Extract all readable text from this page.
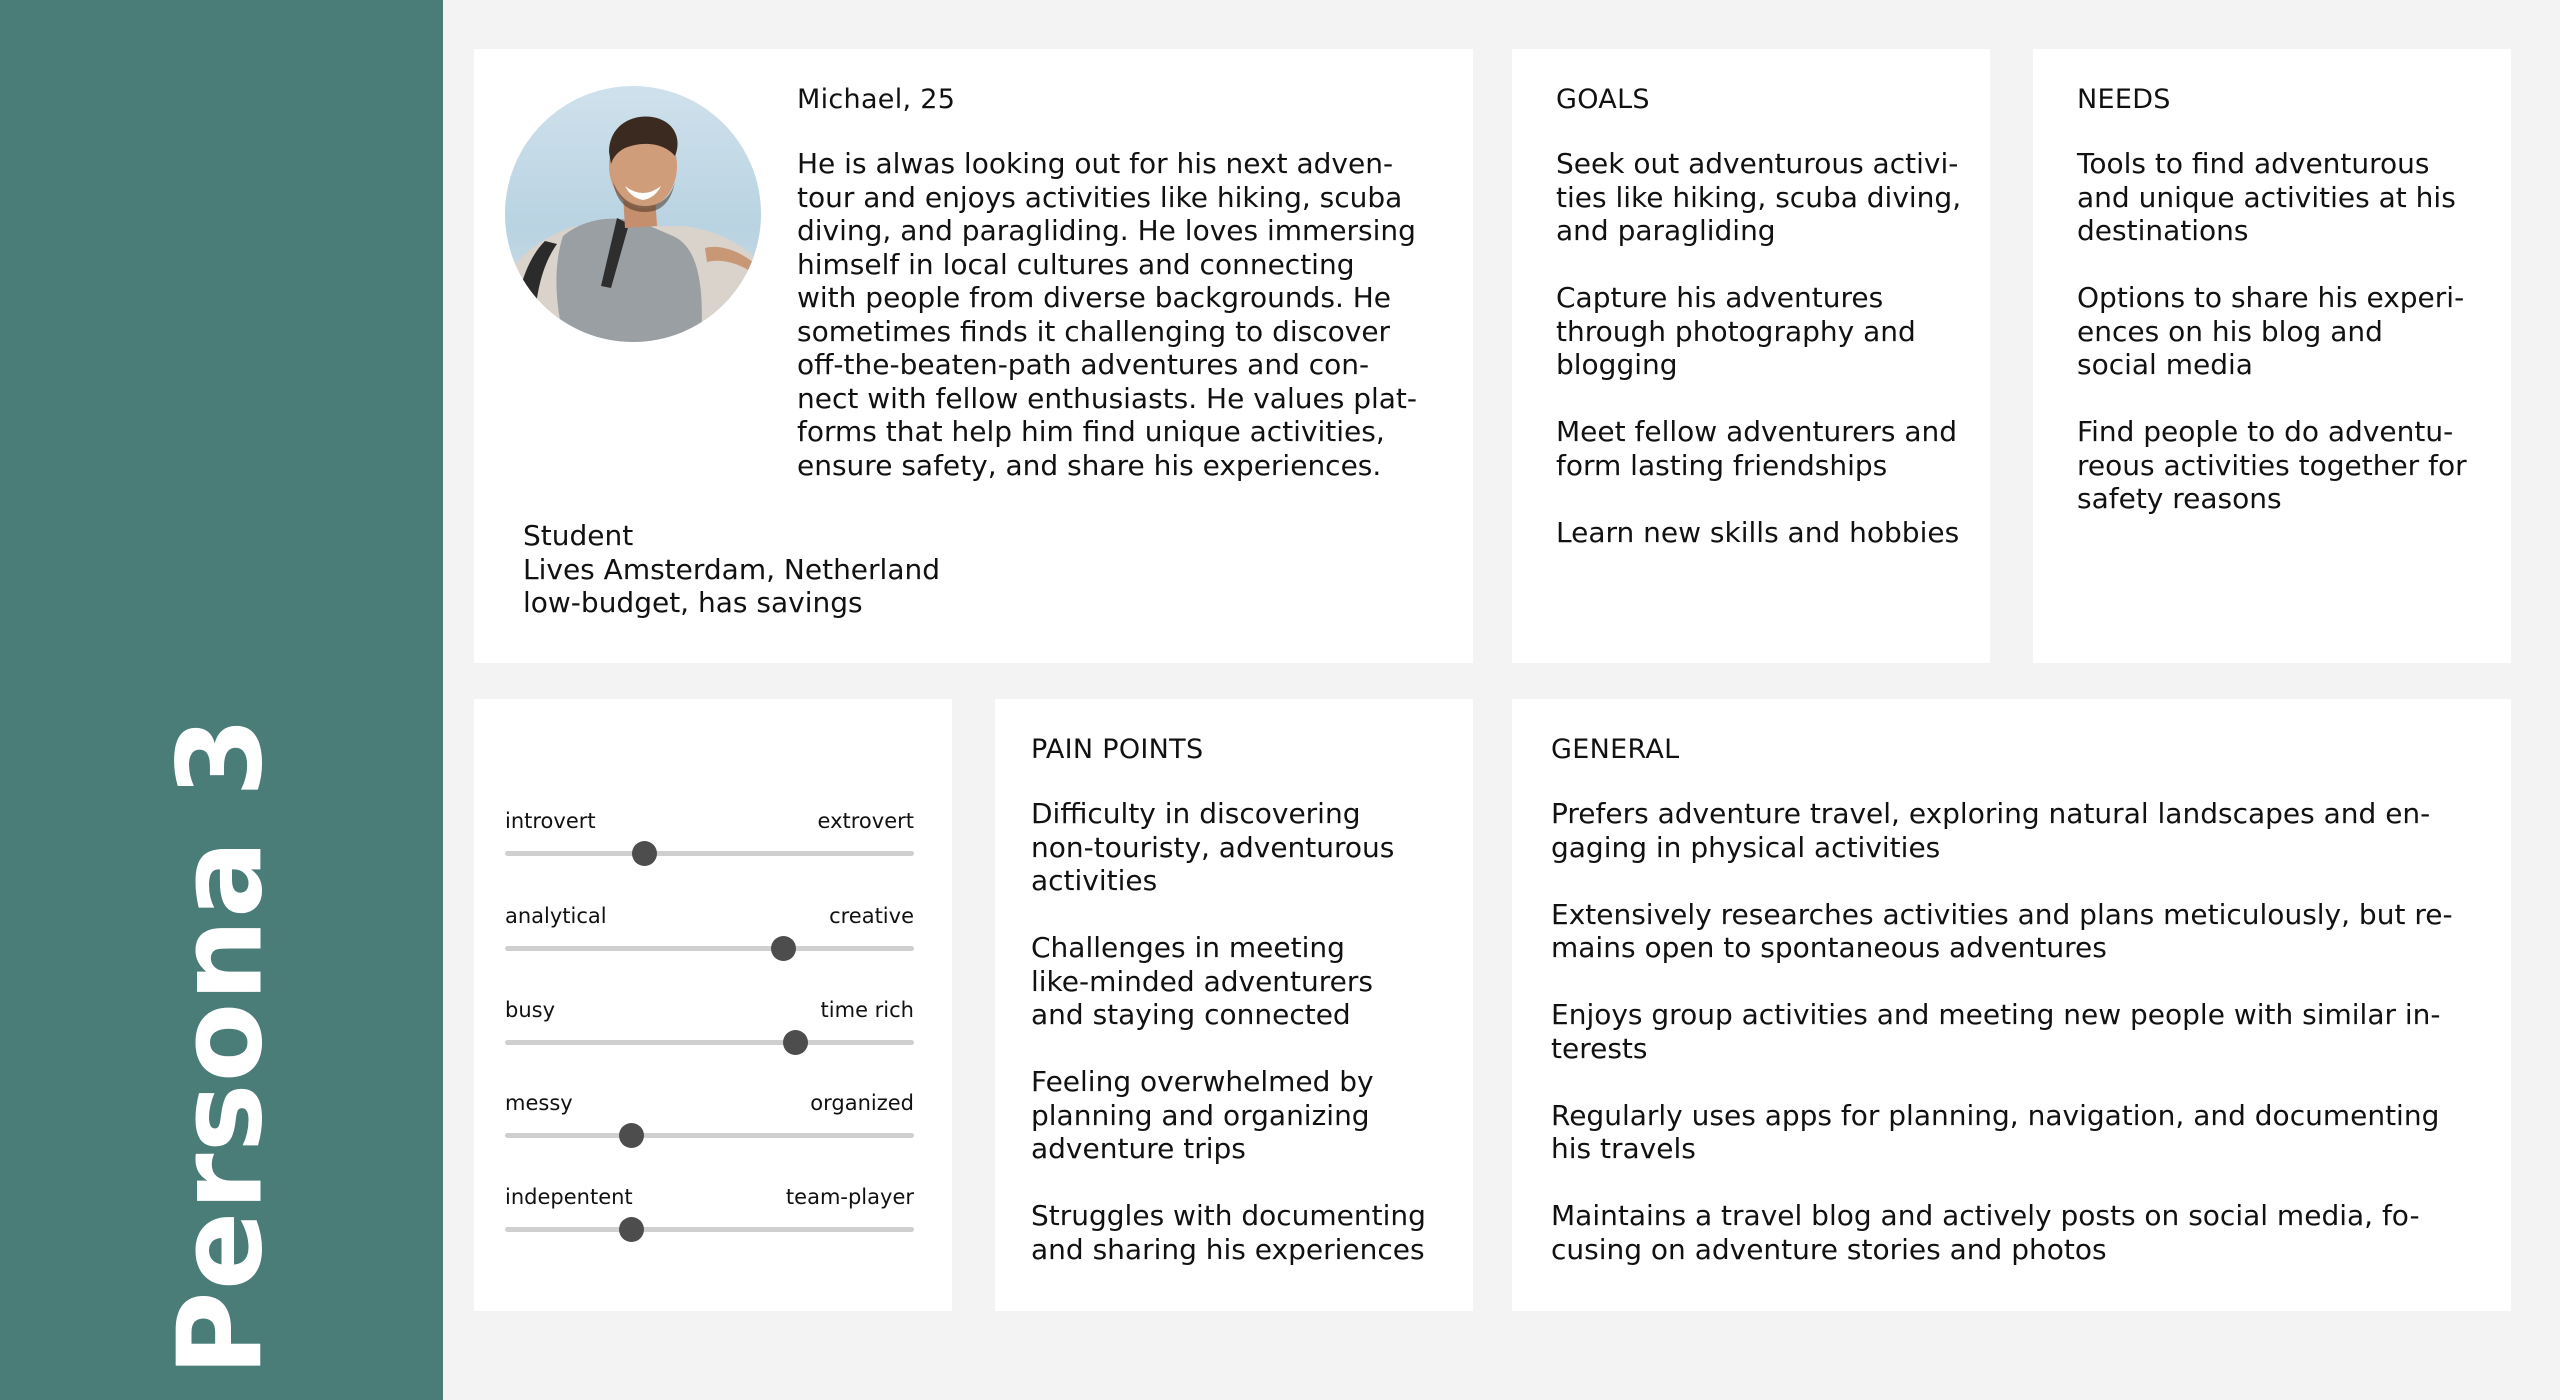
Persona 3
Michael, 25
He is alwas looking out for his next adven-
tour and enjoys activities like hiking, scuba
diving, and paragliding. He loves immersing
himself in local cultures and connecting
with people from diverse backgrounds. He
sometimes finds it challenging to discover
off-the-beaten-path adventures and con-
nect with fellow enthusiasts. He values plat-
forms that help him find unique activities,
ensure safety, and share his experiences.
Student
Lives Amsterdam, Netherland
low-budget, has savings
GOALS
Seek out adventurous activi-
ties like hiking, scuba diving,
and paragliding
Capture his adventures
through photography and
blogging
Meet fellow adventurers and
form lasting friendships
Learn new skills and hobbies
NEEDS
Tools to find adventurous
and unique activities at his
destinations
Options to share his experi-
ences on his blog and
social media
Find people to do adventu-
reous activities together for
safety reasons
introvert	extrovert
analytical	creative
busy	time rich
messy	organized
indepentent	team-player
PAIN POINTS
Difficulty in discovering
non-touristy, adventurous
activities
Challenges in meeting
like-minded adventurers
and staying connected
Feeling overwhelmed by
planning and organizing
adventure trips
Struggles with documenting
and sharing his experiences
GENERAL
Prefers adventure travel, exploring natural landscapes and en-
gaging in physical activities
Extensively researches activities and plans meticulously, but re-
mains open to spontaneous adventures
Enjoys group activities and meeting new people with similar in-
terests
Regularly uses apps for planning, navigation, and documenting
his travels
Maintains a travel blog and actively posts on social media, fo-
cusing on adventure stories and photos
